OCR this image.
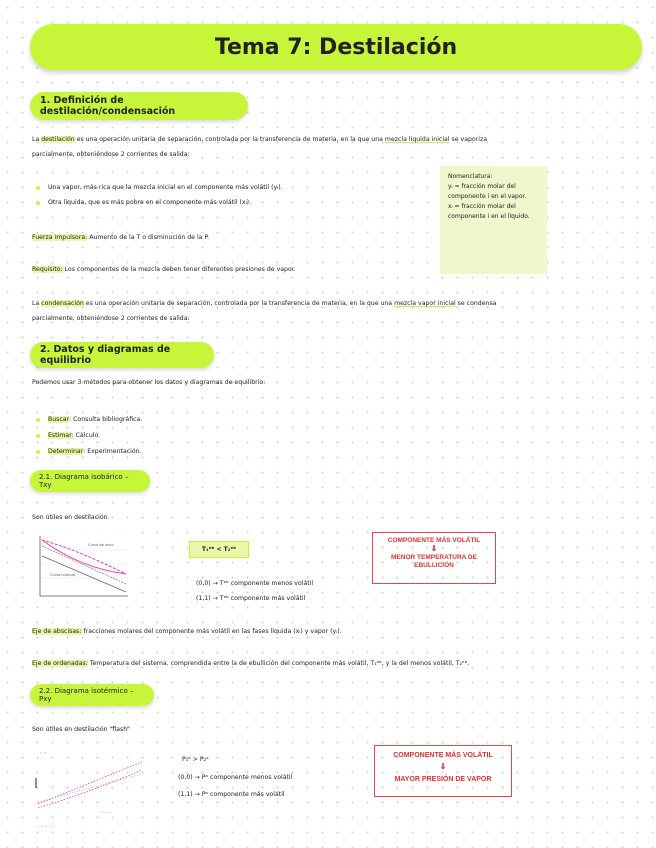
Tema 7: Destilación
1. Definición de destilación/condensación
La destilación es una operación unitaria de separación, controlada por la transferencia de materia, en la que una mezcla líquida inicial se vaporiza
parcialmente, obteniéndose 2 corrientes de salida:
Una vapor, más rica que la mezcla inicial en el componente más volátil (yᵢ).
Otra líquida, que es más pobre en el componente más volátil (xᵢ).
Fuerza impulsora: Aumento de la T o disminución de la P.
Requisito: Los componentes de la mezcla deben tener diferentes presiones de vapor.
La condensación es una operación unitaria de separación, controlada por la transferencia de materia, en la que una mezcla vapor inicial se condensa
parcialmente, obteniéndose 2 corrientes de salida:
Nomenclatura:
yᵢ = fracción molar del
componente i en el vapor.
xᵢ = fracción molar del
componente i en el líquido.
2. Datos y diagramas de equilibrio
Podemos usar 3 métodos para obtener los datos y diagramas de equilibrio:
Buscar: Consulta bibliográfica.
Estimar: Cálculo.
Determinar: Experimentación.
2.1. Diagrama isobárico – Txy
Son útiles en destilación.
Curva de rocío
Curva burbuja
T₁ᵉᵇ < T₂ᵉᵇ
(0,0) → Tᵉᵇ componente menos volátil
(1,1) → Tᵉᵇ componente más volátil
COMPONENTE MÁS VOLÁTIL
⇓
MENOR TEMPERATURA DE EBULLICIÓN
Eje de abscisas: fracciones molares del componente más volátil en las fases líquida (xᵢ) y vapor (yᵢ).
Eje de ordenadas: Temperatura del sistema, comprendida entre la de ebullición del componente más volátil, T₁ᵉᵇ, y la del menos volátil, T₂ᵉᵇ.
2.2. Diagrama isotérmico – Pxy
Son útiles en destilación "flash"
· · ·
~~~~
· · · · · · ·
P₁ᵒ > P₂ᵒ
(0,0) → Pᵒ componente menos volátil
(1,1) → Pᵒ componente más volátil
COMPONENTE MÁS VOLÁTIL
⇓
MAYOR PRESIÓN DE VAPOR
